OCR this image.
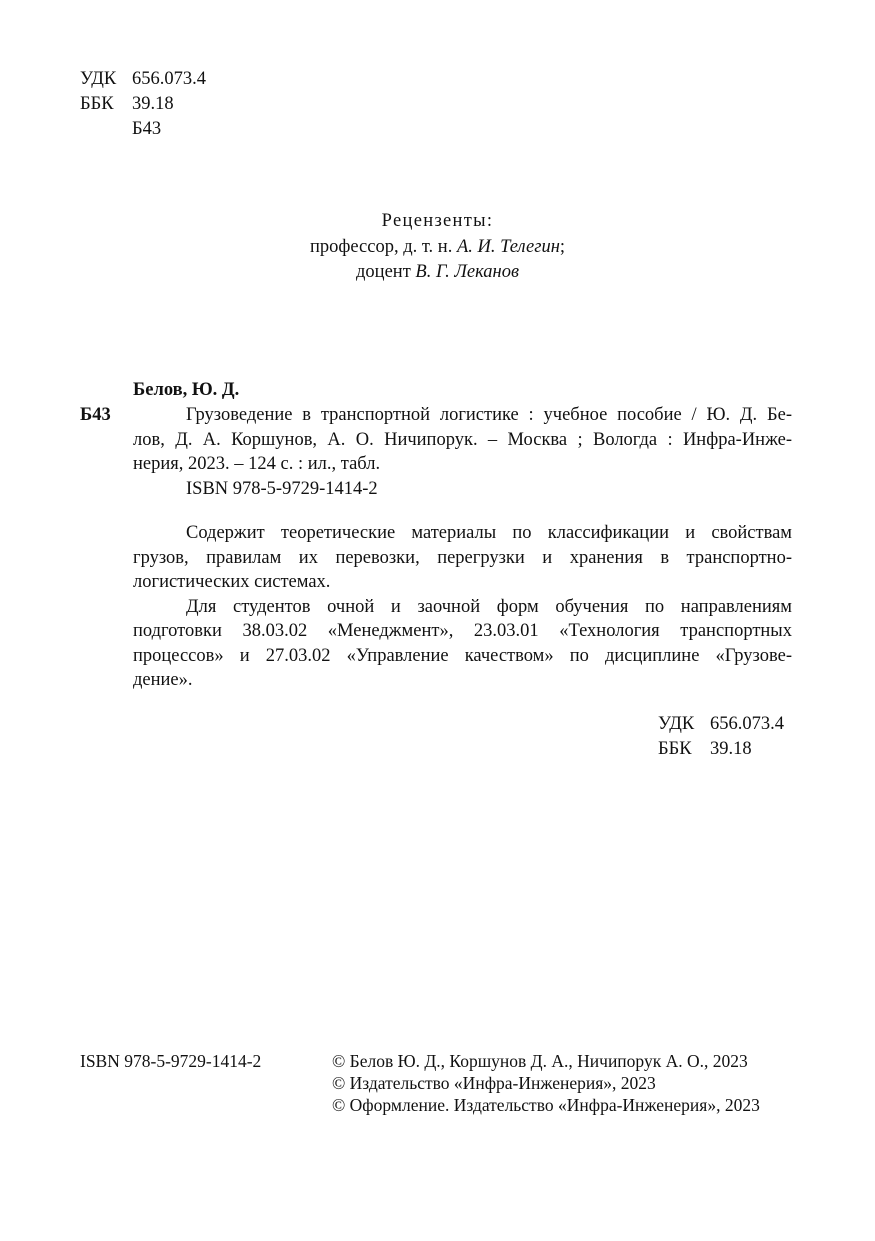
УДК 656.073.4
ББК 39.18
Б43
Рецензенты:
профессор, д. т. н. А. И. Телегин;
доцент В. Г. Леканов
Белов, Ю. Д.
Б43	Грузоведение в транспортной логистике : учебное пособие / Ю. Д. Бе-
лов, Д. А. Коршунов, А. О. Ничипорук. – Москва ; Вологда : Инфра-Инже-
нерия, 2023. – 124 с. : ил., табл.
ISBN 978-5-9729-1414-2
Содержит теоретические материалы по классификации и свойствам
грузов, правилам их перевозки, перегрузки и хранения в транспортно-
логистических системах.
Для студентов очной и заочной форм обучения по направлениям
подготовки 38.03.02 «Менеджмент», 23.03.01 «Технология транспортных
процессов» и 27.03.02 «Управление качеством» по дисциплине «Грузове-
дение».
УДК 656.073.4
ББК 39.18
ISBN 978-5-9729-1414-2	© Белов Ю. Д., Коршунов Д. А., Ничипорук А. О., 2023
© Издательство «Инфра-Инженерия», 2023
© Оформление. Издательство «Инфра-Инженерия», 2023
